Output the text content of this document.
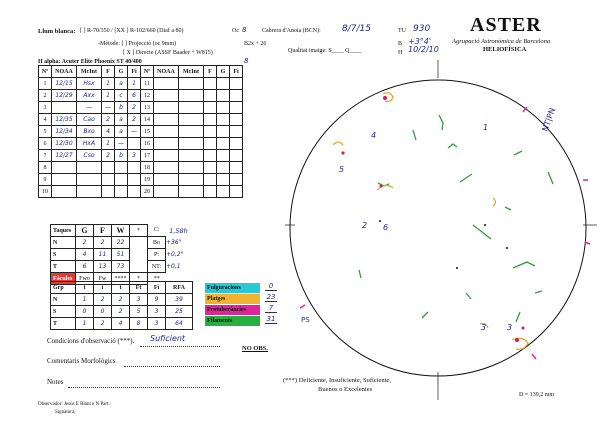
Llum blanca: [ ] R-70/350 / [XX ] R-102/660 (Diaf a 80)	Oc 8	Cabrera d'Anoia (BCN): 8/7/15	TU 930
-Mètode: [ ] Projecció (oc 9mm)
[ X ] Directe (ASSF Baader + W815)
B2x + 26
Qualitat imatge: S____ Q____
B +3°4'
H 10/2/10
H alpha: Acuter Elite Phoenix ST 40/400	8
ASTER
Agrupació Astronòmica de Barcelona
HELIOFÍSICA
Nº	NOAA	McInt	F	G	Fi	Nº	NOAA	McInt	F	G	Fi
1	12/15	Hsx	1	a	1	11					
2	12/29	Axx	1	c	6	12					
3		—	—	b	2	13					
4	12/35	Cao	2	a	2	14					
5	12/34	Bxo	4	a	—	15					
6	12/30	HxA	1	—		16					
7	12/27	Cso	2	b	3	17					
8						18					
9						19					
10						20					
Taques	G	F	W	*	C:	1,58h
N	2	2	22		Bo	+36°
S	4	11	51		P:	+0,2°
T	6	13	73		NT:	+0,1
Fàcules	Fwo	Fw	****	*	**	
Grp	t	i	t	Ft	Fi	RFA
N	1	2	2	3	9	39
S	0	0	2	5	3	25
T	1	2	4	8	3	64
Fulguracions	0
Platges	23
Protuberàncies	7
Filaments	31
Condicions d'observació (***). Suficient
NO OBS.
Comentaris Morfològics
Notes
Observador: Jesús E Blanco N Part.:
Signatura,
(***) Deficiente, Insuficiente, Suficiente,
Buenos o Excelentes
D = 139,2 mm
4
5
2 6
1
3	3
NT|PN
PS
